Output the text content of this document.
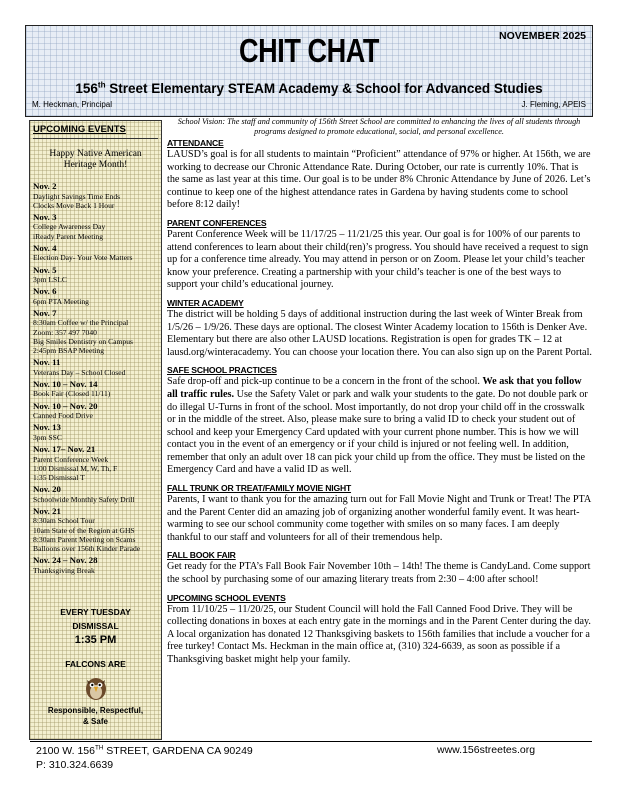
NOVEMBER 2025
CHIT CHAT
156th Street Elementary STEAM Academy & School for Advanced Studies
M. Heckman, Principal	J. Fleming, APEIS
UPCOMING EVENTS
Happy Native American
Heritage Month!
Nov. 2
Daylight Savings Time Ends
Clocks Move Back 1 Hour
Nov. 3
College Awareness Day
iReady Parent Meeting
Nov. 4
Election Day- Your Vote Matters
Nov. 5
3pm LSLC
Nov. 6
6pm PTA Meeting
Nov. 7
8:30am Coffee w/ the Principal
Zoom: 357 497 7040
Big Smiles Dentistry on Campus
2:45pm BSAP Meeting
Nov. 11
Veterans Day – School Closed
Nov. 10 – Nov. 14
Book Fair (Closed 11/11)
Nov. 10 – Nov. 20
Canned Food Drive
Nov. 13
3pm SSC
Nov. 17– Nov. 21
Parent Conference Week
1:00 Dismissal M, W, Th, F
1:35 Dismissal T
Nov. 20
Schoolwide Monthly Safety Drill
Nov. 21
8:30am School Tour
10am State of the Region at GHS
8:30am Parent Meeting on Scams
Balloons over 156th Kinder Parade
Nov. 24 – Nov. 28
Thanksgiving Break
EVERY TUESDAY
DISMISSAL
1:35 PM
FALCONS ARE
Responsible, Respectful,
& Safe
School Vision: The staff and community of 156th Street School are committed to enhancing the lives of all students through programs designed to promote educational, social, and personal excellence.
ATTENDANCE

LAUSD’s goal is for all students to maintain “Proficient” attendance of 97% or higher. At 156th, we are working to decrease our Chronic Attendance Rate. During October, our rate is currently 10%. That is the same as last year at this time. Our goal is to be under 8% Chronic Attendance by June of 2026. Let’s continue to keep one of the highest attendance rates in Gardena by having students come to school before 8:12 daily!

PARENT CONFERENCES

Parent Conference Week will be 11/17/25 – 11/21/25 this year. Our goal is for 100% of our parents to attend conferences to learn about their child(ren)’s progress. You should have received a request to sign up for a conference time already. You may attend in person or on Zoom. Please let your child’s teacher know your preference. Creating a partnership with your child’s teacher is one of the best ways to support your child’s educational journey.

WINTER ACADEMY

The district will be holding 5 days of additional instruction during the last week of Winter Break from 1/5/26 – 1/9/26. These days are optional. The closest Winter Academy location to 156th is Denker Ave. Elementary but there are also other LAUSD locations. Registration is open for grades TK – 12 at lausd.org/winteracademy. You can choose your location there. You can also sign up on the Parent Portal.

SAFE SCHOOL PRACTICES

Safe drop-off and pick-up continue to be a concern in the front of the school. We ask that you follow all traffic rules. Use the Safety Valet or park and walk your students to the gate. Do not double park or do illegal U-Turns in front of the school. Most importantly, do not drop your child off in the crosswalk or in the middle of the street. Also, please make sure to bring a valid ID to check your student out of school and keep your Emergency Card updated with your current phone number. This is how we will contact you in the event of an emergency or if your child is injured or not feeling well. In addition, remember that only an adult over 18 can pick your child up from the office. They must be listed on the Emergency Card and have a valid ID as well.

FALL TRUNK OR TREAT/FAMILY MOVIE NIGHT

Parents, I want to thank you for the amazing turn out for Fall Movie Night and Trunk or Treat! The PTA and the Parent Center did an amazing job of organizing another wonderful family event. It was heart-warming to see our school community come together with smiles on so many faces. I am deeply thankful to our staff and volunteers for all of their tremendous help.

FALL BOOK FAIR

Get ready for the PTA’s Fall Book Fair November 10th – 14th! The theme is CandyLand. Come support the school by purchasing some of our amazing literary treats from 2:30 – 4:00 after school!

UPCOMING SCHOOL EVENTS

From 11/10/25 – 11/20/25, our Student Council will hold the Fall Canned Food Drive. They will be collecting donations in boxes at each entry gate in the mornings and in the Parent Center during the day. A local organization has donated 12 Thanksgiving baskets to 156th families that include a voucher for a free turkey! Contact Ms. Heckman in the main office at, (310) 324-6639, as soon as possible if a Thanksgiving basket might help your family.

2100 W. 156TH STREET, GARDENA CA 90249
P: 310.324.6639
www.156streetes.org
